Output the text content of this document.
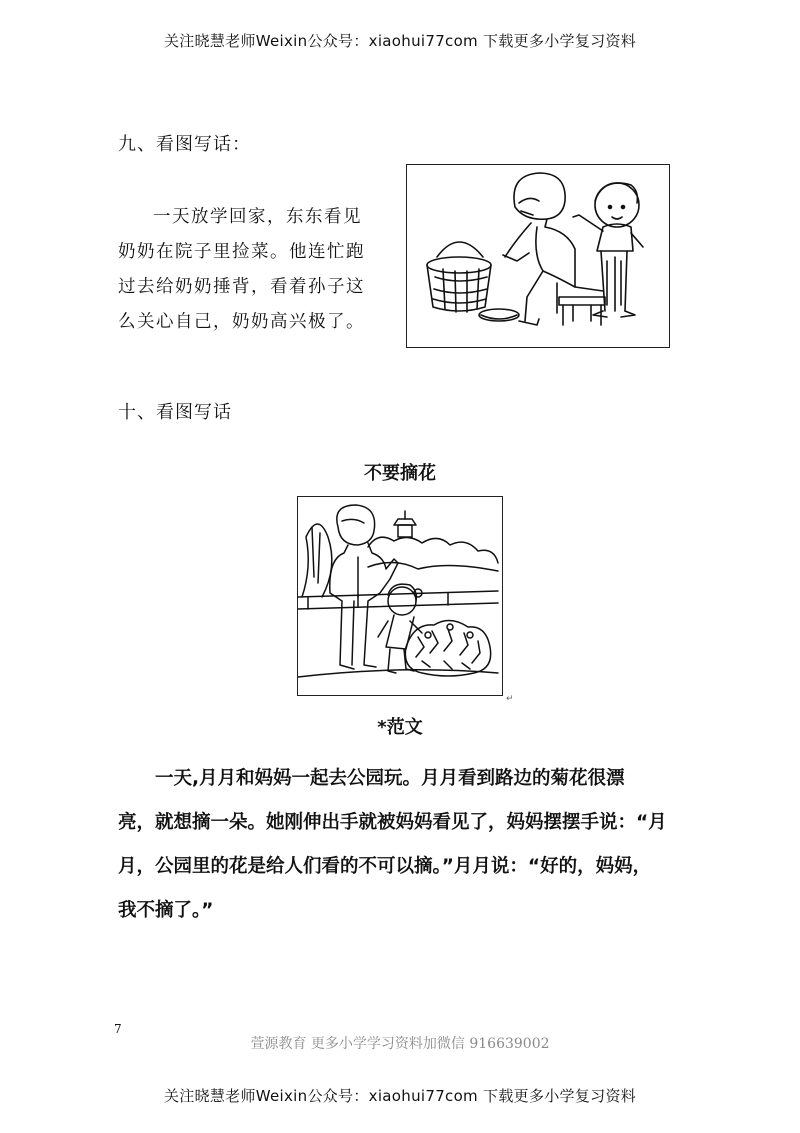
关注晓慧老师Weixin公众号：xiaohui77com 下载更多小学复习资料
九、看图写话：
一天放学回家，东东看见
奶奶在院子里捡菜。他连忙跑
过去给奶奶捶背，看着孙子这
么关心自己，奶奶高兴极了。
十、看图写话
不要摘花
↵
*范文
一天,月月和妈妈一起去公园玩。月月看到路边的菊花很漂
亮，就想摘一朵。她刚伸出手就被妈妈看见了，妈妈摆摆手说：“月
月，公园里的花是给人们看的不可以摘。”月月说：“好的，妈妈，
我不摘了。”
7
萱源教育 更多小学学习资料加微信 916639002
关注晓慧老师Weixin公众号：xiaohui77com 下载更多小学复习资料
